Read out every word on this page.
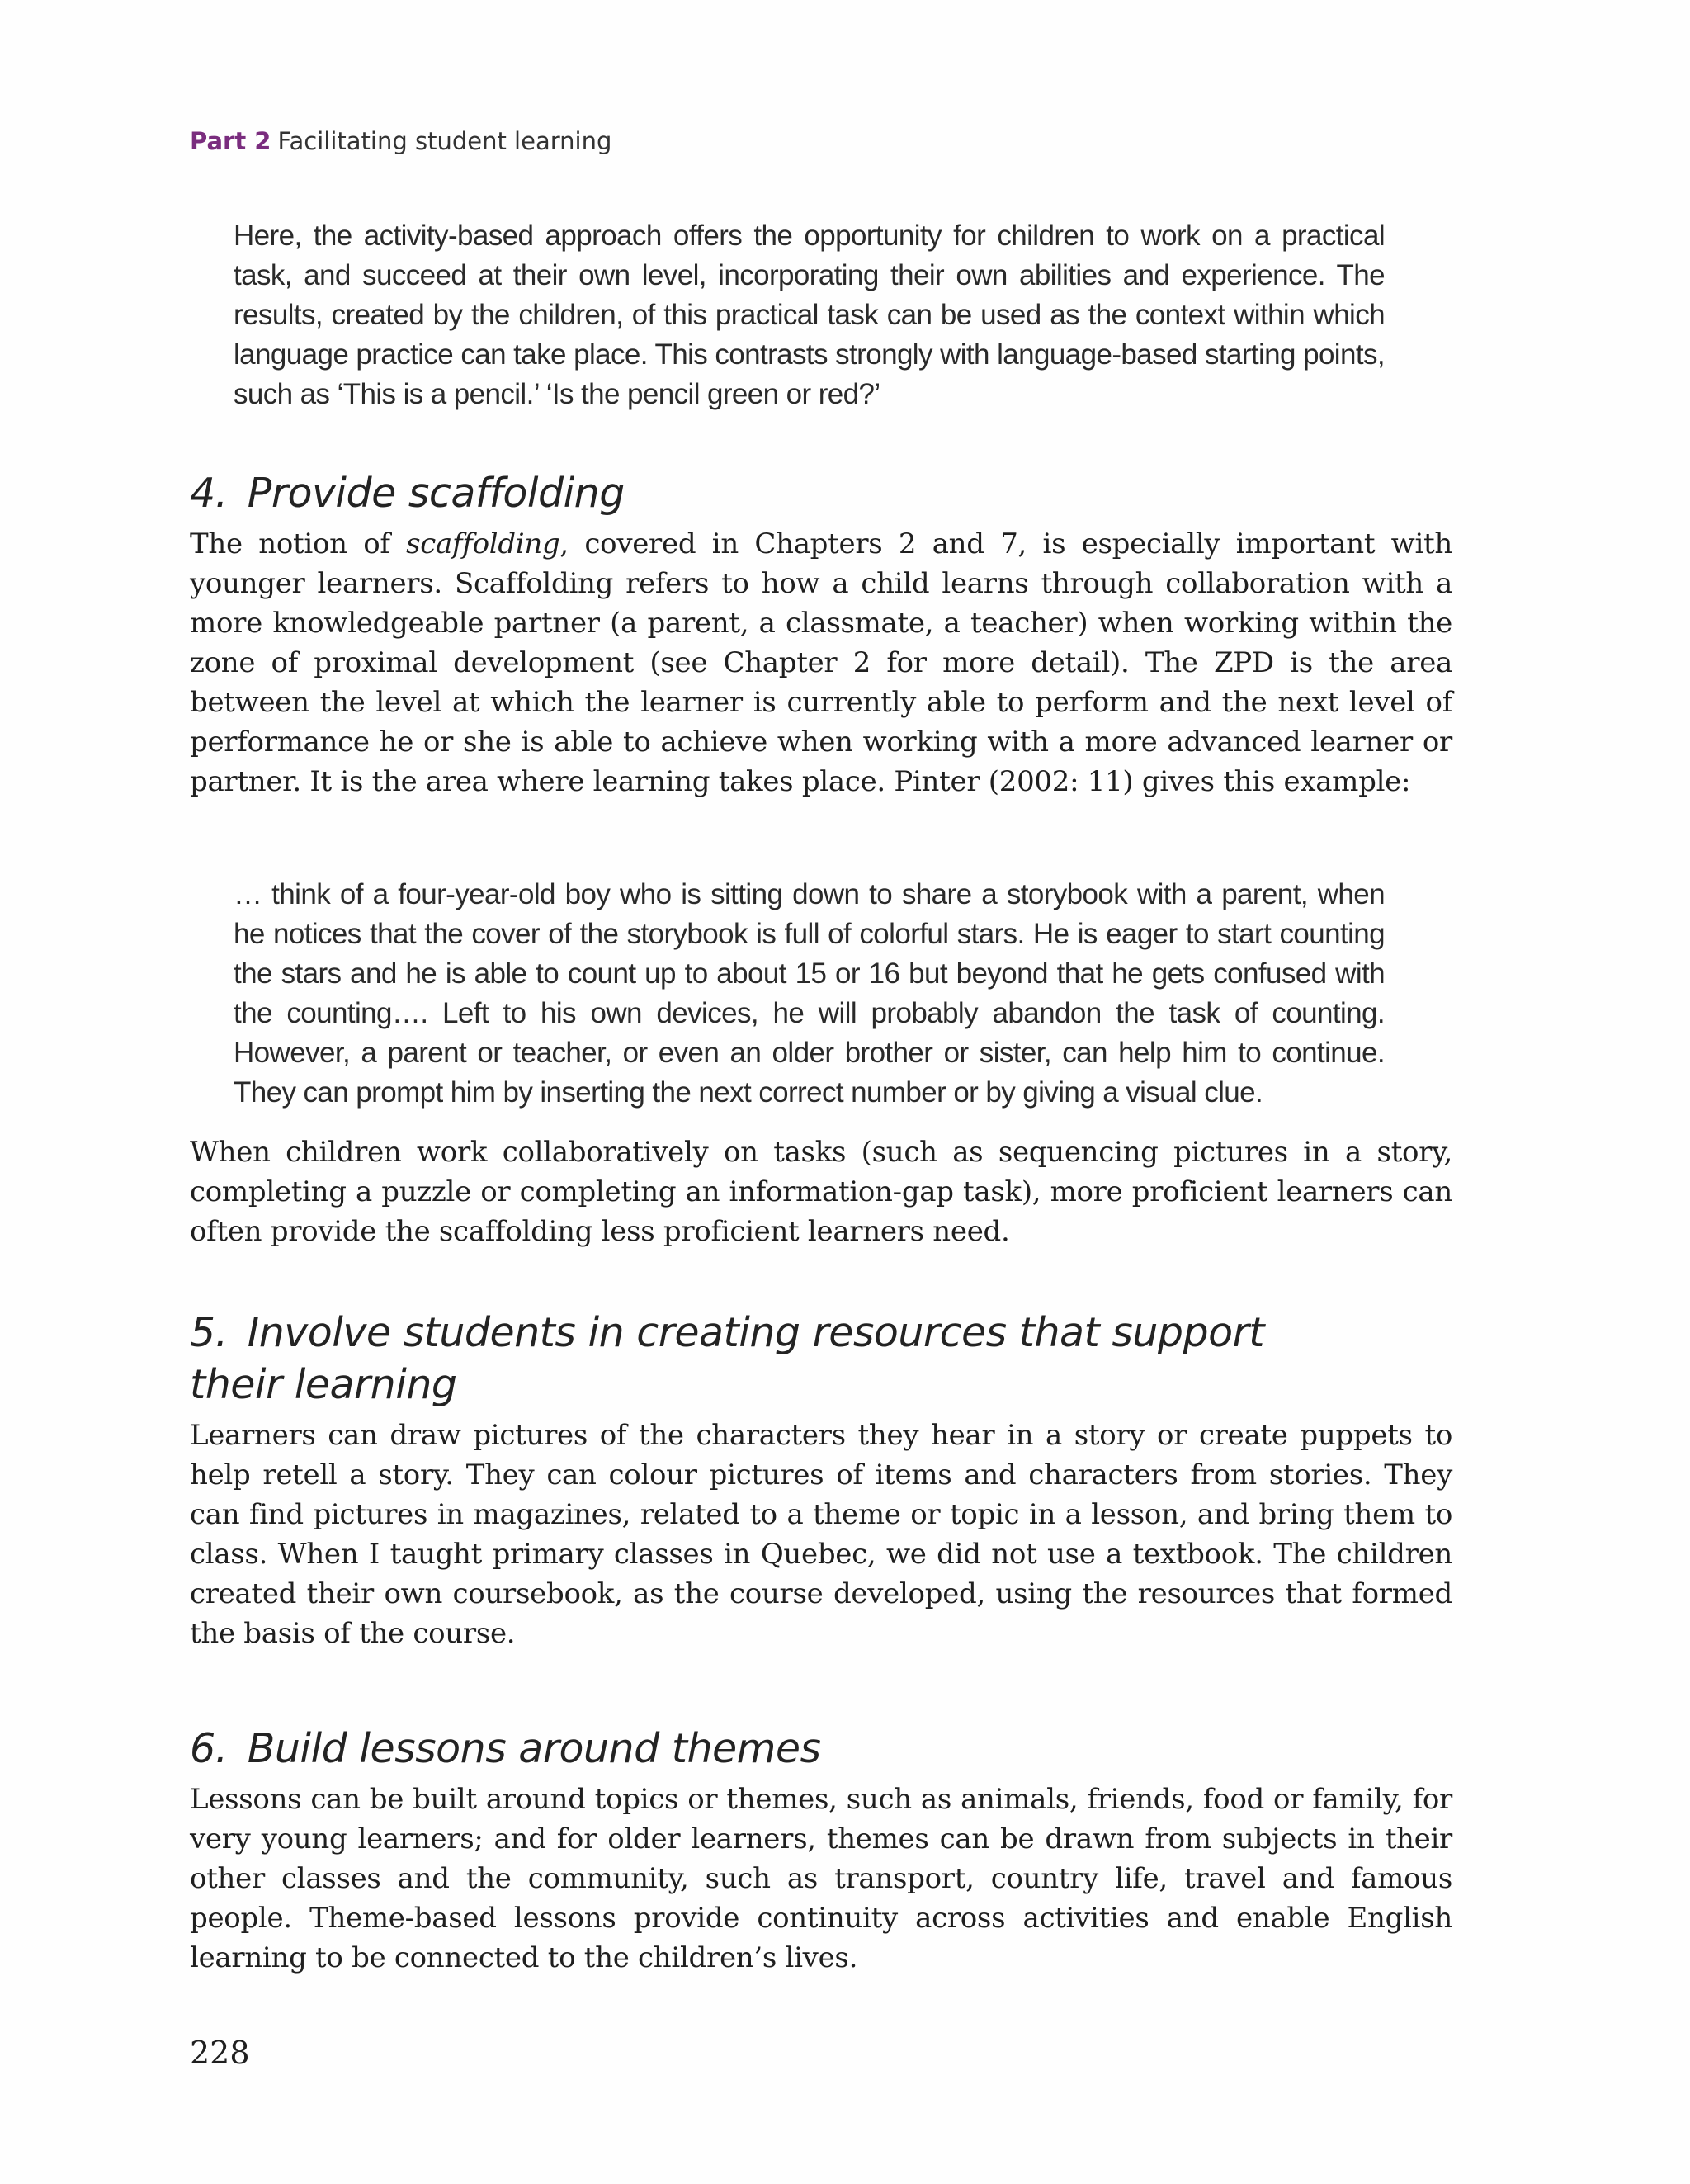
Part 2 Facilitating student learning

Here, the activity-based approach offers the opportunity for children to work on a practical task, and succeed at their own level, incorporating their own abilities and experience. The results, created by the children, of this practical task can be used as the context within which language practice can take place. This contrasts strongly with language-based starting points, such as ‘This is a pencil.’ ‘Is the pencil green or red?’

4. Provide scaffolding

The notion of scaffolding, covered in Chapters 2 and 7, is especially important with younger learners. Scaffolding refers to how a child learns through collaboration with a more knowledgeable partner (a parent, a classmate, a teacher) when working within the zone of proximal development (see Chapter 2 for more detail). The ZPD is the area between the level at which the learner is currently able to perform and the next level of performance he or she is able to achieve when working with a more advanced learner or partner. It is the area where learning takes place. Pinter (2002: 11) gives this example:

… think of a four-year-old boy who is sitting down to share a storybook with a parent, when he notices that the cover of the storybook is full of colorful stars. He is eager to start counting the stars and he is able to count up to about 15 or 16 but beyond that he gets confused with the counting…. Left to his own devices, he will probably abandon the task of counting. However, a parent or teacher, or even an older brother or sister, can help him to continue. They can prompt him by inserting the next correct number or by giving a visual clue.

When children work collaboratively on tasks (such as sequencing pictures in a story, completing a puzzle or completing an information-gap task), more proficient learners can often provide the scaffolding less proficient learners need.

5. Involve students in creating resources that support
their learning

Learners can draw pictures of the characters they hear in a story or create puppets to help retell a story. They can colour pictures of items and characters from stories. They can find pictures in magazines, related to a theme or topic in a lesson, and bring them to class. When I taught primary classes in Quebec, we did not use a textbook. The children created their own coursebook, as the course developed, using the resources that formed the basis of the course.

6. Build lessons around themes

Lessons can be built around topics or themes, such as animals, friends, food or family, for very young learners; and for older learners, themes can be drawn from subjects in their other classes and the community, such as transport, country life, travel and famous people. Theme-based lessons provide continuity across activities and enable English learning to be connected to the children’s lives.

228
